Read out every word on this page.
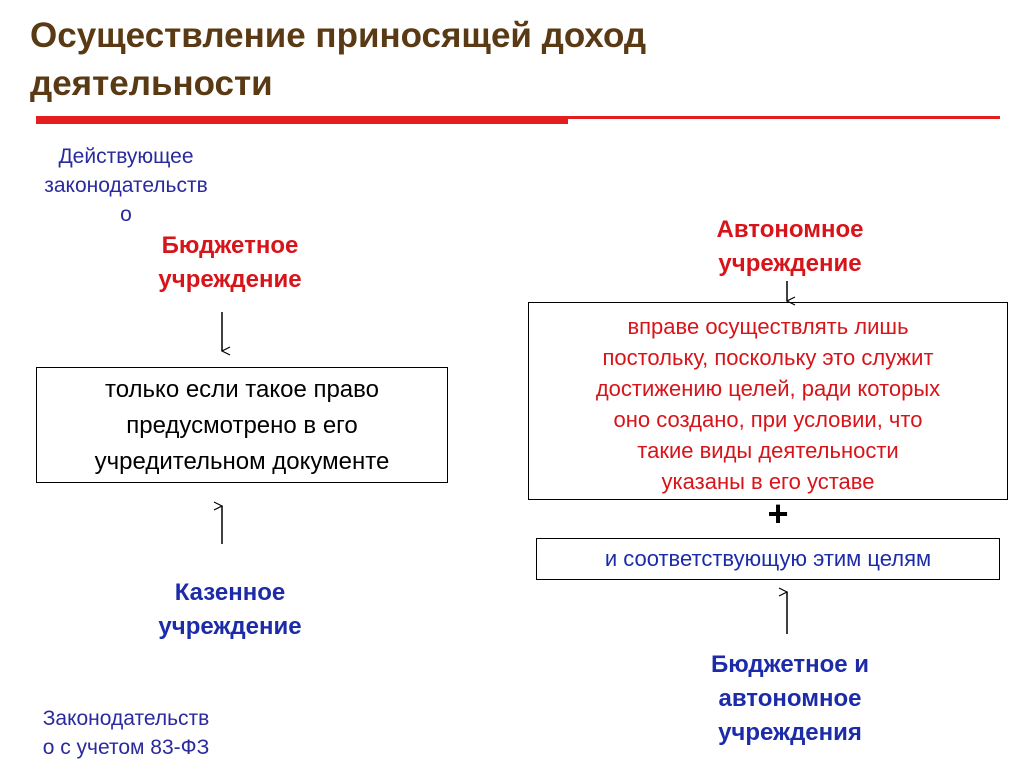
Осуществление приносящей доход
деятельности
Действующее
законодательств
о
Бюджетное
учреждение
Автономное
учреждение
только если такое право
предусмотрено в его
учредительном документе
вправе осуществлять лишь
постольку, поскольку это служит
достижению целей, ради которых
оно создано, при условии, что
такие виды деятельности
указаны в его уставе
+
и соответствующую этим целям
Казенное
учреждение
Бюджетное и
автономное
учреждения
Законодательств
о с учетом 83-ФЗ
